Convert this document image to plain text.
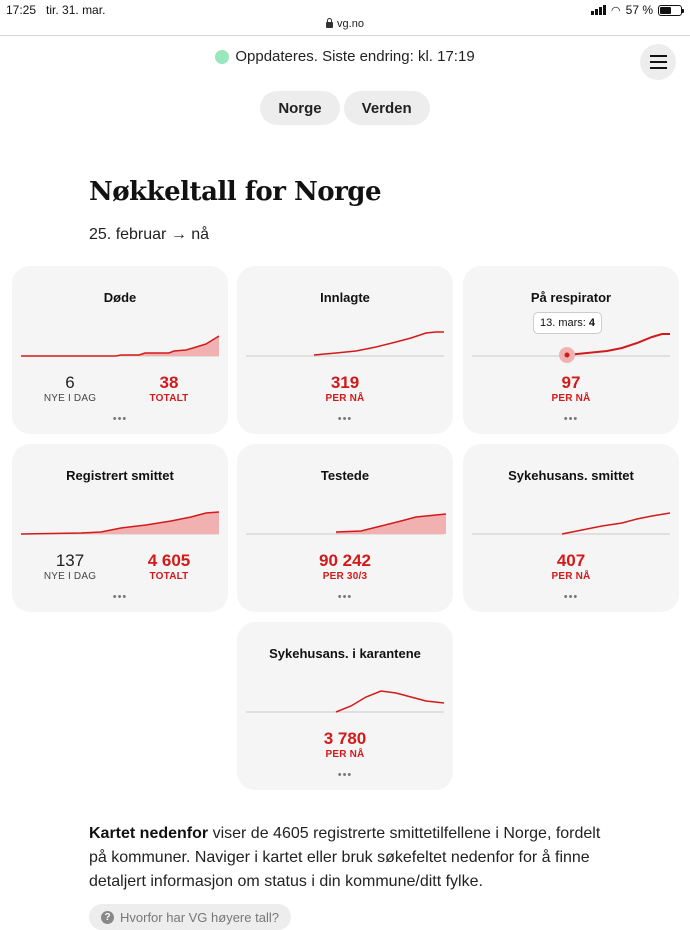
17:25 tir. 31. mar.	◠ 57 %
vg.no
Oppdateres. Siste endring: kl. 17:19
Norge	Verden
Nøkkeltall for Norge
25. februar → nå
Døde
6
NYE I DAG
38
TOTALT
•••
Innlagte
319
PER NÅ
•••
På respirator
13. mars: 4
97
PER NÅ
•••
Registrert smittet
137
NYE I DAG
4 605
TOTALT
•••
Testede
90 242
PER 30/3
•••
Sykehusans. smittet
407
PER NÅ
•••
Sykehusans. i karantene
3 780
PER NÅ
•••

Kartet nedenfor viser de 4605 registrerte smittetilfellene i Norge, fordelt på kommuner. Naviger i kartet eller bruk søkefeltet nedenfor for å finne detaljert informasjon om status i din kommune/ditt fylke.

? Hvorfor har VG høyere tall?
